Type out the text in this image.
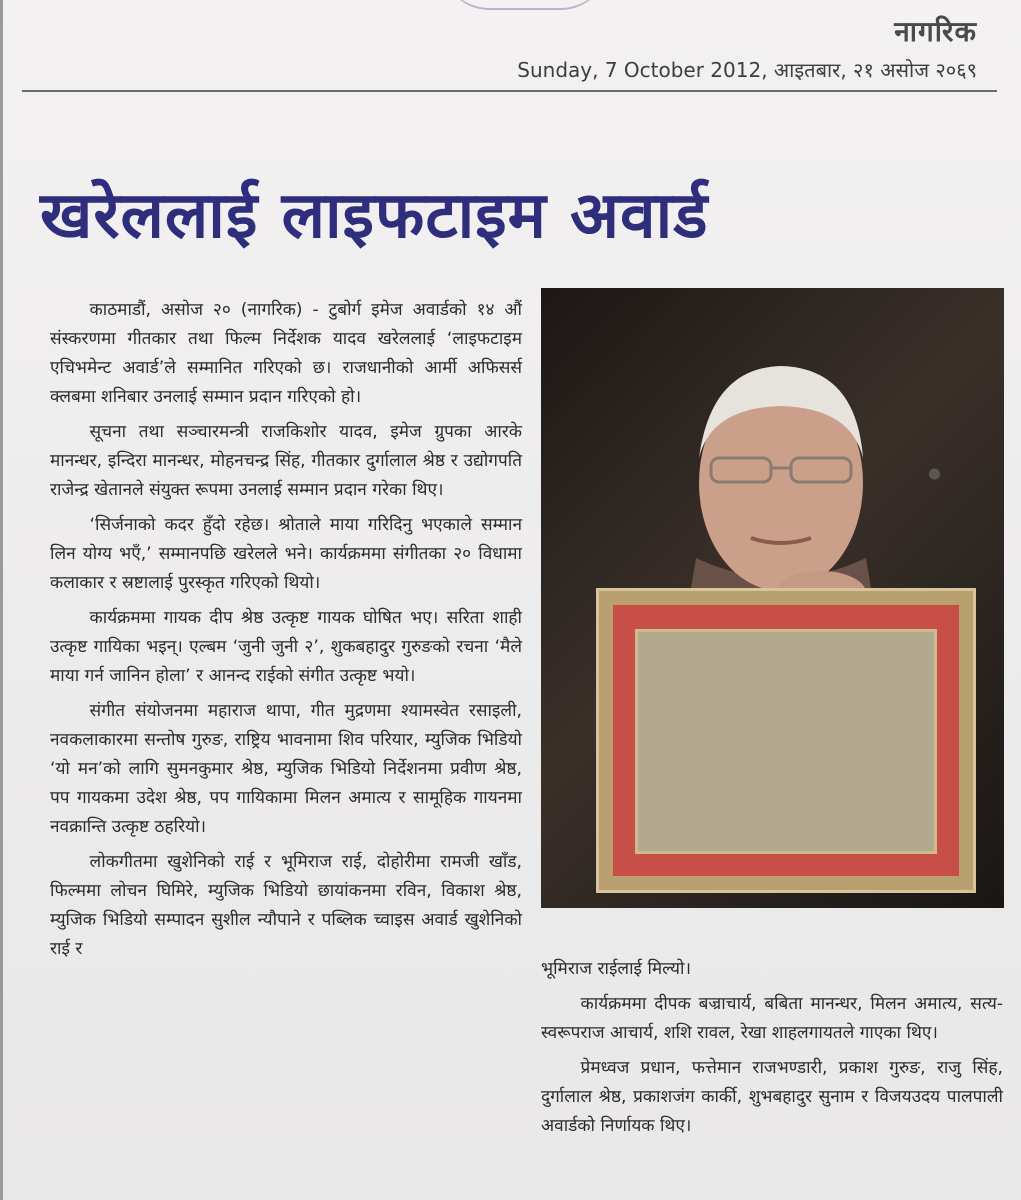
नागरिक
Sunday, 7 October 2012, आइतबार, २१ असोज २०६९
खरेललाई लाइफटाइम अवार्ड

काठमाडौं, असोज २० (नागरिक) - टुबोर्ग इमेज अवार्डको १४ औं संस्करणमा गीतकार तथा फिल्म निर्देशक यादव खरेललाई ‘लाइफटाइम एचिभमेन्ट अवार्ड’ले सम्मानित गरिएको छ। राजधानीको आर्मी अफिसर्स क्लबमा शनिबार उनलाई सम्मान प्रदान गरिएको हो।

सूचना तथा सञ्चारमन्त्री राजकिशोर यादव, इमेज ग्रुपका आरके मानन्धर, इन्दिरा मानन्धर, मोहनचन्द्र सिंह, गीतकार दुर्गालाल श्रेष्ठ र उद्योगपति राजेन्द्र खेतानले संयुक्त रूपमा उनलाई सम्मान प्रदान गरेका थिए।

‘सिर्जनाको कदर हुँदो रहेछ। श्रोताले माया गरिदिनु भएकाले सम्मान लिन योग्य भएँ,’ सम्मानपछि खरेलले भने। कार्यक्रममा संगीतका २० विधामा कलाकार र स्रष्टालाई पुरस्कृत गरिएको थियो।

कार्यक्रममा गायक दीप श्रेष्ठ उत्कृष्ट गायक घोषित भए। सरिता शाही उत्कृष्ट गायिका भइन्। एल्बम ‘जुनी जुनी २’, शुकबहादुर गुरुङको रचना ‘मैले माया गर्न जानिन होला’ र आनन्द राईको संगीत उत्कृष्ट भयो।

संगीत संयोजनमा महाराज थापा, गीत मुद्रणमा श्यामस्वेत रसाइली, नवकलाकारमा सन्तोष गुरुङ, राष्ट्रिय भावनामा शिव परियार, म्युजिक भिडियो ‘यो मन’को लागि सुमनकुमार श्रेष्ठ, म्युजिक भिडियो निर्देशनमा प्रवीण श्रेष्ठ, पप गायकमा उदेश श्रेष्ठ, पप गायिकामा मिलन अमात्य र सामूहिक गायनमा नवक्रान्ति उत्कृष्ट ठहरियो।

लोकगीतमा खुशेनिको राई र भूमिराज राई, दोहोरीमा रामजी खाँड, फिल्ममा लोचन घिमिरे, म्युजिक भिडियो छायांकनमा रविन, विकाश श्रेष्ठ, म्युजिक भिडियो सम्पादन सुशील न्यौपाने र पब्लिक च्वाइस अवार्ड खुशेनिको राई र

भूमिराज राईलाई मिल्यो।

कार्यक्रममा दीपक बज्राचार्य, बबिता मानन्धर, मिलन अमात्य, सत्य-स्वरूपराज आचार्य, शशि रावल, रेखा शाहलगायतले गाएका थिए।

प्रेमध्वज प्रधान, फत्तेमान राजभण्डारी, प्रकाश गुरुङ, राजु सिंह, दुर्गालाल श्रेष्ठ, प्रकाशजंग कार्की, शुभबहादुर सुनाम र विजयउदय पालपाली अवार्डको निर्णायक थिए।
